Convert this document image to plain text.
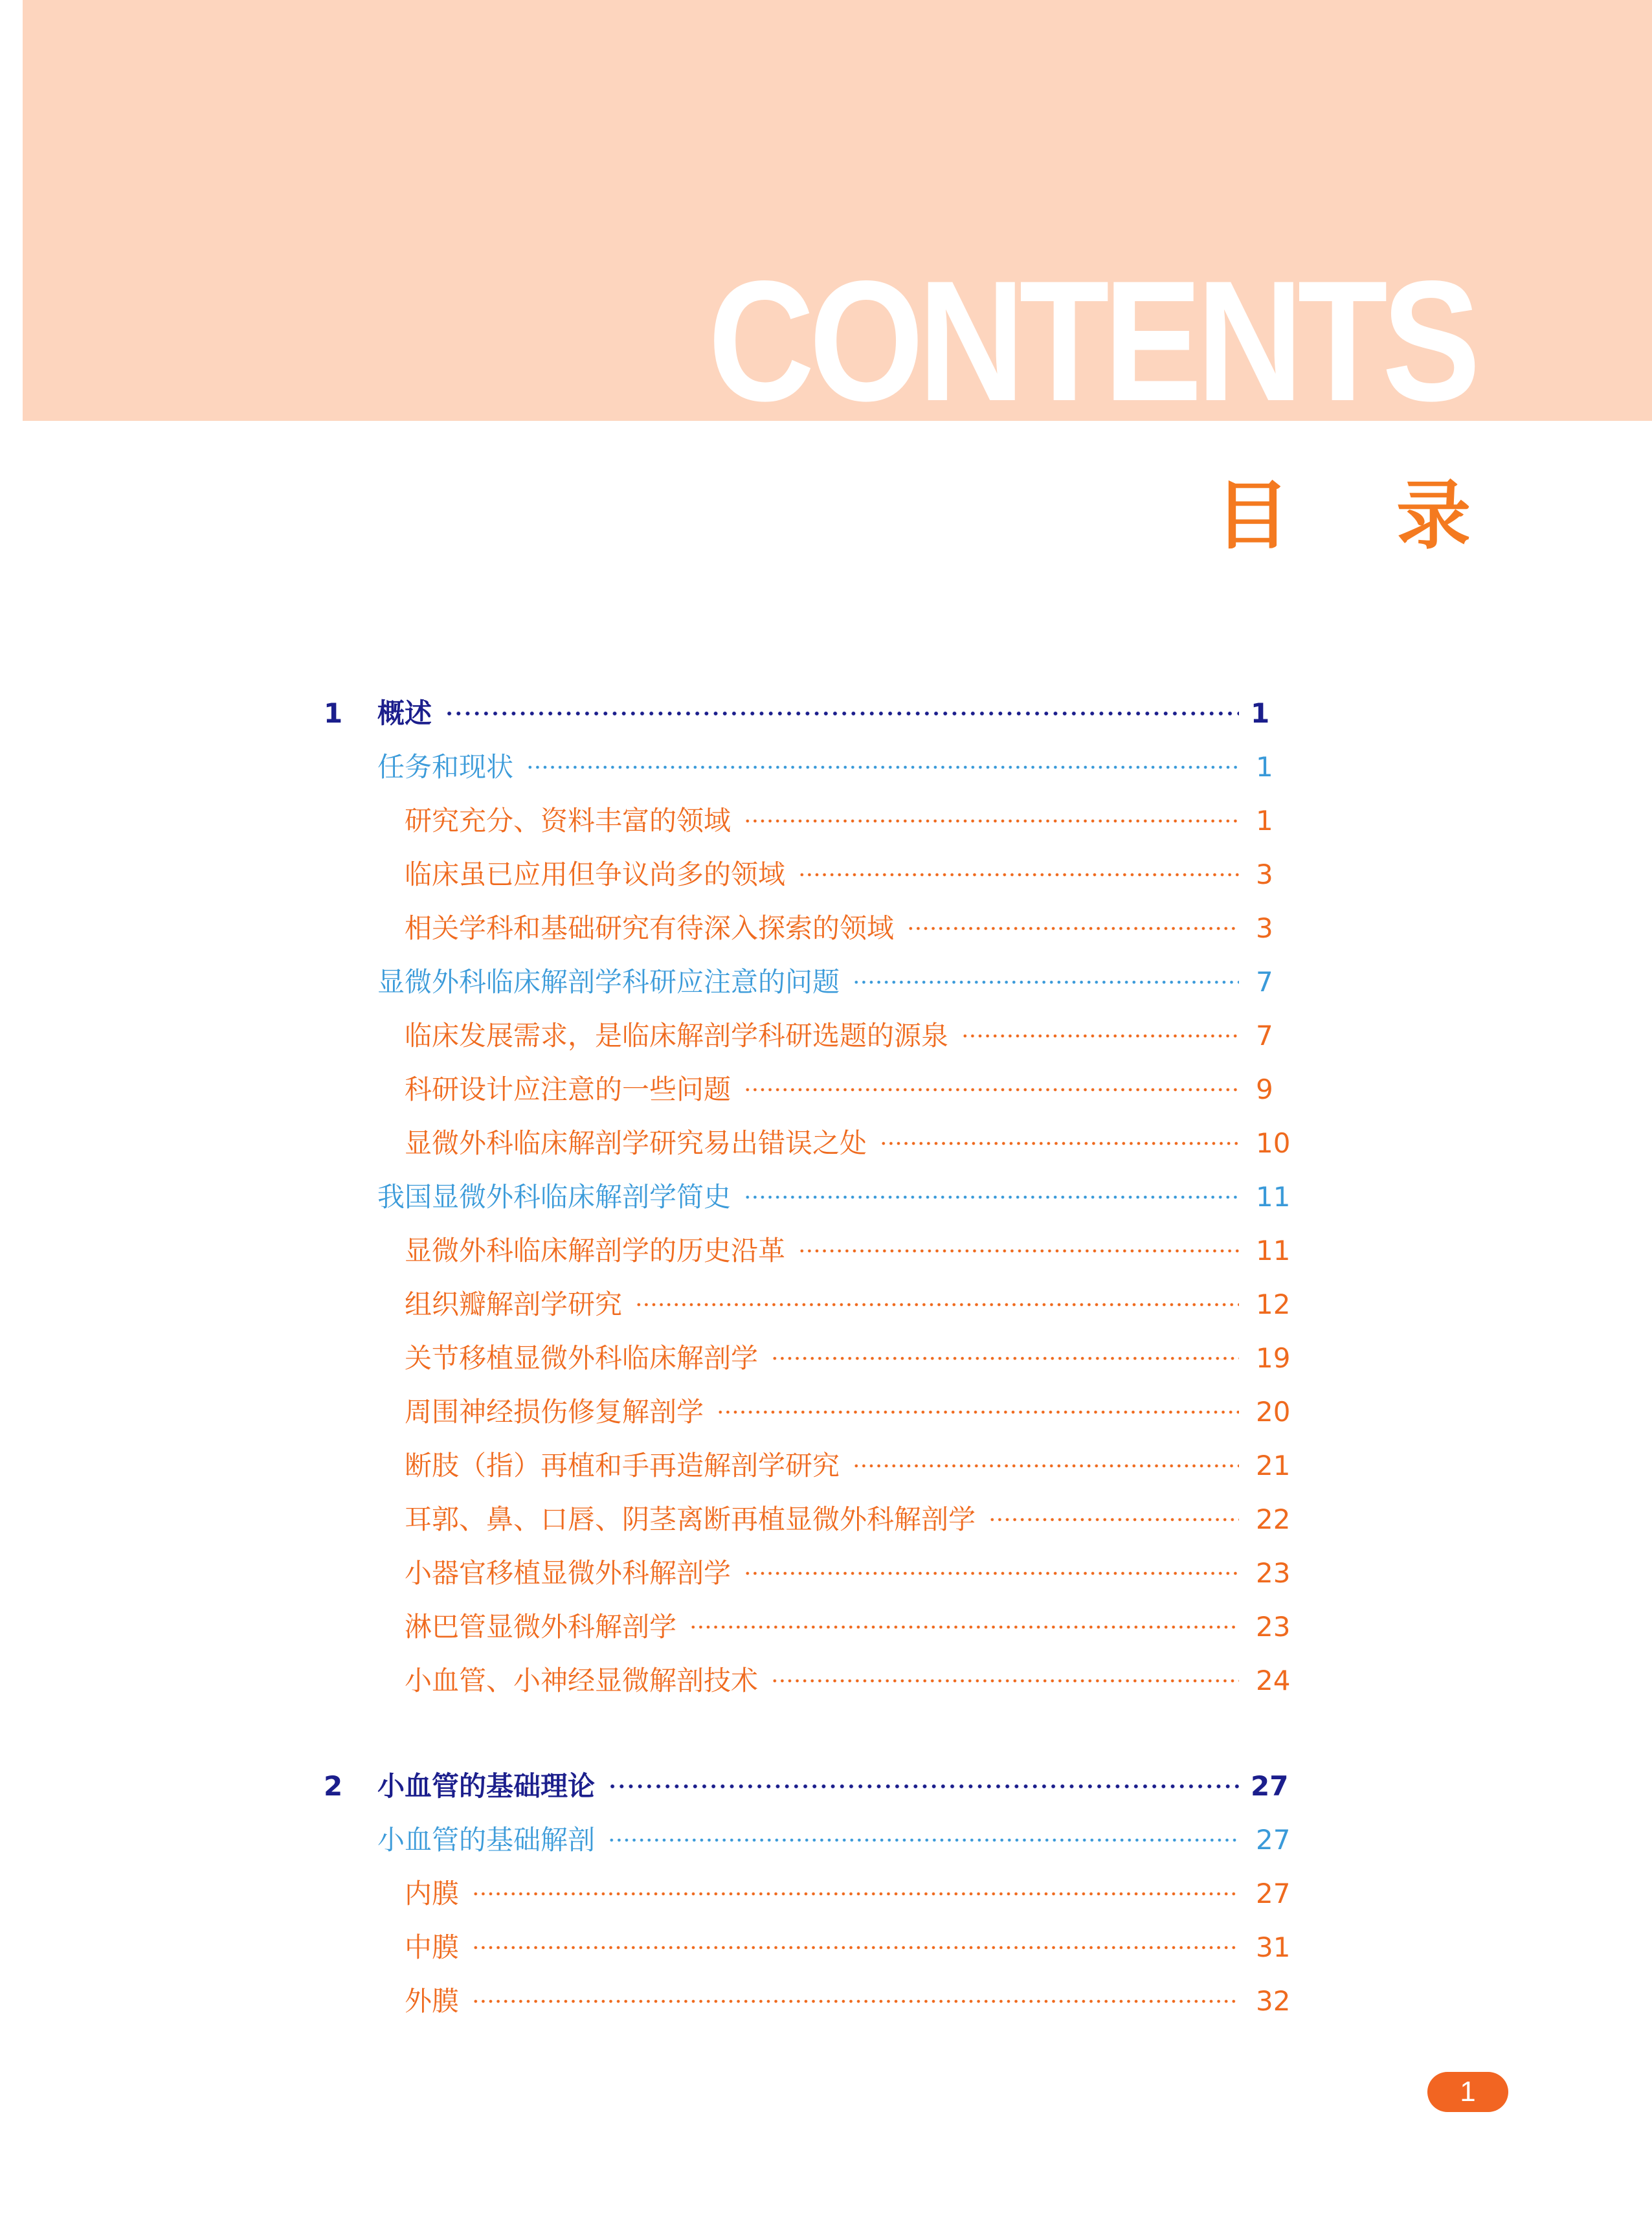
CONTENTS
目录
1	概述	1
任务和现状	1
研究充分、资料丰富的领域	1
临床虽已应用但争议尚多的领域	3
相关学科和基础研究有待深入探索的领域	3
显微外科临床解剖学科研应注意的问题	7
临床发展需求，是临床解剖学科研选题的源泉	7
科研设计应注意的一些问题	9
显微外科临床解剖学研究易出错误之处	10
我国显微外科临床解剖学简史	11
显微外科临床解剖学的历史沿革	11
组织瓣解剖学研究	12
关节移植显微外科临床解剖学	19
周围神经损伤修复解剖学	20
断肢（指）再植和手再造解剖学研究	21
耳郭、鼻、口唇、阴茎离断再植显微外科解剖学	22
小器官移植显微外科解剖学	23
淋巴管显微外科解剖学	23
小血管、小神经显微解剖技术	24
2	小血管的基础理论	27
小血管的基础解剖	27
内膜	27
中膜	31
外膜	32
1
